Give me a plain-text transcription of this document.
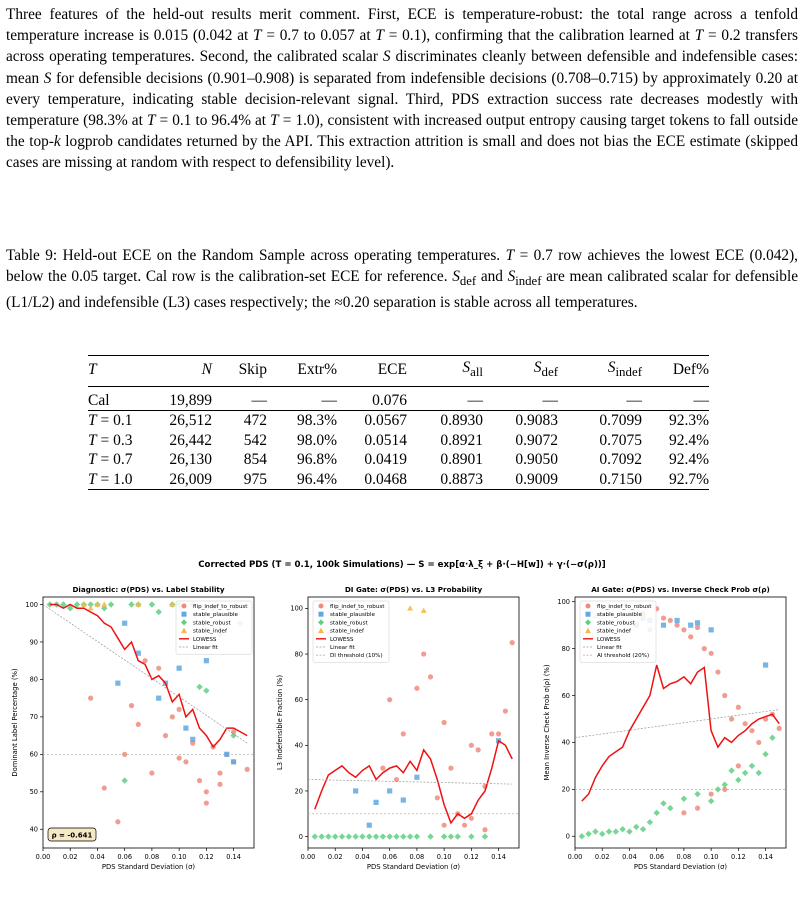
Three features of the held-out results merit comment. First, ECE is temperature-robust: the total range across a tenfold temperature increase is 0.015 (0.042 at T = 0.7 to 0.057 at T = 0.1), confirming that the calibration learned at T = 0.2 transfers across operating temperatures. Second, the calibrated scalar S discriminates cleanly between defensible and indefensible cases: mean S for defensible decisions (0.901–0.908) is separated from indefensible decisions (0.708–0.715) by approximately 0.20 at every temperature, indicating stable decision-relevant signal. Third, PDS extraction success rate decreases modestly with temperature (98.3% at T = 0.1 to 96.4% at T = 1.0), consistent with increased output entropy causing target tokens to fall outside the top-k logprob candidates returned by the API. This extraction attrition is small and does not bias the ECE estimate (skipped cases are missing at random with respect to defensibility level).

Table 9: Held-out ECE on the Random Sample across operating temperatures. T = 0.7 row achieves the lowest ECE (0.042), below the 0.05 target. Cal row is the calibration-set ECE for reference. $S_{def}$ and $S_{indef}$ are mean calibrated scalar for defensible (L1/L2) and indefensible (L3) cases respectively; the ≈0.20 separation is stable across all temperatures.

T	N	Skip	Extr%	ECE	$S_{all}$	$S_{def}$	$S_{indef}$	Def%
Cal	19,899	—	—	0.076	—	—	—	—
T = 0.1	26,512	472	98.3%	0.0567	0.8930	0.9083	0.7099	92.3%
T = 0.3	26,442	542	98.0%	0.0514	0.8921	0.9072	0.7075	92.4%
T = 0.7	26,130	854	96.8%	0.0419	0.8901	0.9050	0.7092	92.4%
T = 1.0	26,009	975	96.4%	0.0468	0.8873	0.9009	0.7150	92.7%
Corrected PDS (T = 0.1, 100k Simulations) — S = exp[α·λ_ξ + β·(−H[w]) + γ·(−σ(ρ))]
Diagnostic: σ(PDS) vs. Label Stability
0.00 0.02 0.04 0.06 0.08 0.10 0.12 0.14
40
50
60
70
80
90
100
PDS Standard Deviation (σ)
Dominant Label Percentage (%)
flip_indef_to_robust
stable_plausible
stable_robust
stable_indef
LOWESS
Linear fit
ρ = -0.641
DI Gate: σ(PDS) vs. L3 Probability
0.00 0.02 0.04 0.06 0.08 0.10 0.12 0.14
0
20
40
60
80
100
PDS Standard Deviation (σ)
L3 Indefensible Fraction (%)
flip_indef_to_robust
stable_plausible
stable_robust
stable_indef
LOWESS
Linear fit
DI threshold (10%)
AI Gate: σ(PDS) vs. Inverse Check Prob σ(ρ)
0.00 0.02 0.04 0.06 0.08 0.10 0.12 0.14
0
20
40
60
80
100
PDS Standard Deviation (σ)
Mean Inverse Check Prob σ(ρ) (%)
flip_indef_to_robust
stable_plausible
stable_robust
stable_indef
LOWESS
Linear fit
AI threshold (20%)
